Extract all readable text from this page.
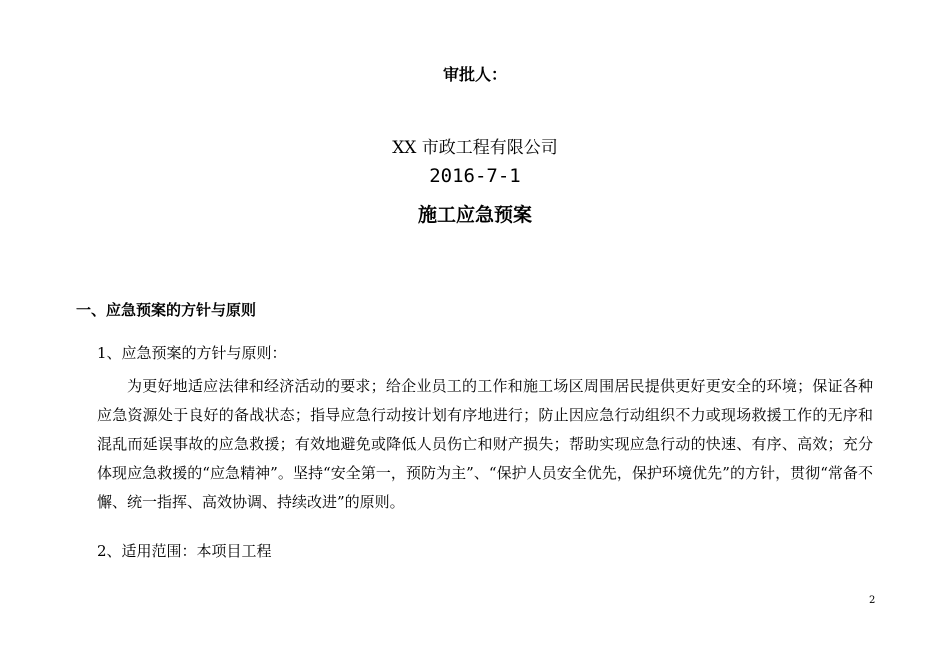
审批人：
XX 市政工程有限公司
2016-7-1
施工应急预案
一、应急预案的方针与原则
1、应急预案的方针与原则：
为更好地适应法律和经济活动的要求；给企业员工的工作和施工场区周围居民提供更好更安全的环境；保证各种应急资源处于良好的备战状态；指导应急行动按计划有序地进行；防止因应急行动组织不力或现场救援工作的无序和混乱而延误事故的应急救援；有效地避免或降低人员伤亡和财产损失；帮助实现应急行动的快速、有序、高效；充分体现应急救援的“应急精神”。坚持“安全第一，预防为主”、“保护人员安全优先，保护环境优先”的方针，贯彻“常备不懈、统一指挥、高效协调、持续改进”的原则。
2、适用范围：本项目工程
2
